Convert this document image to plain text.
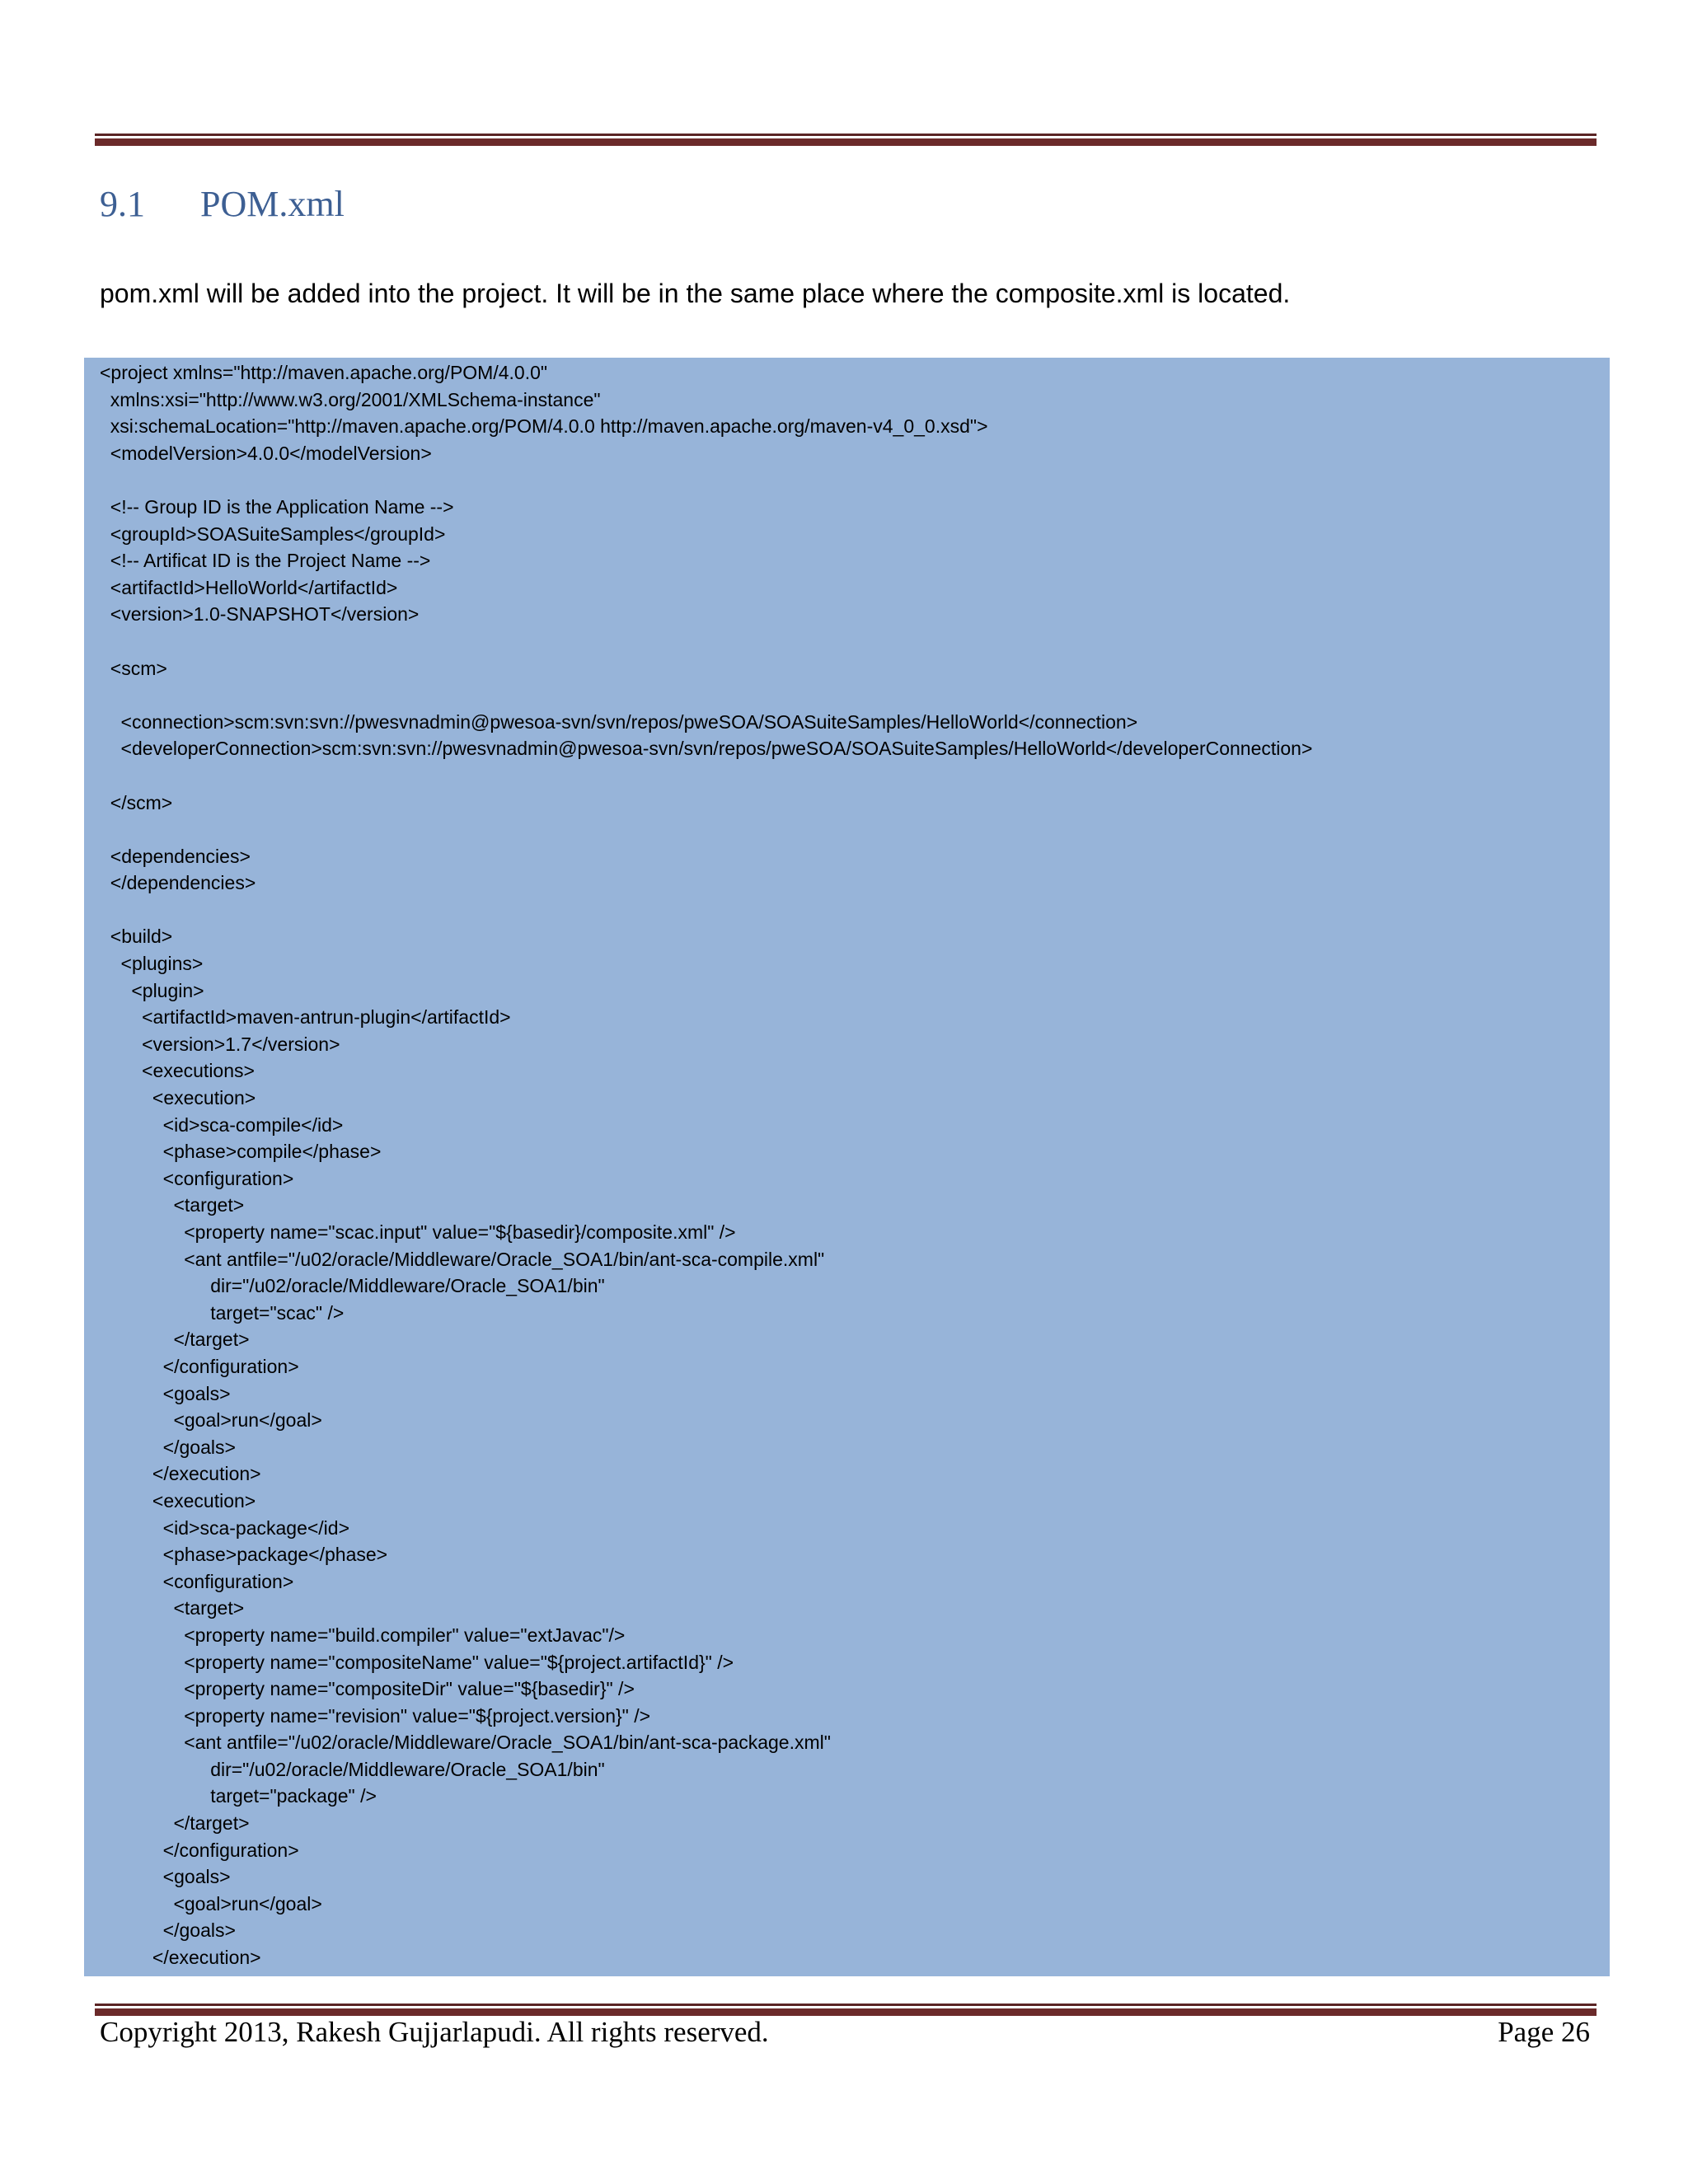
9.1 POM.xml
pom.xml will be added into the project. It will be in the same place where the composite.xml is located.
<project xmlns="http://maven.apache.org/POM/4.0.0"
xmlns:xsi="http://www.w3.org/2001/XMLSchema-instance"
xsi:schemaLocation="http://maven.apache.org/POM/4.0.0 http://maven.apache.org/maven-v4_0_0.xsd">
<modelVersion>4.0.0</modelVersion>

<!-- Group ID is the Application Name -->
<groupId>SOASuiteSamples</groupId>
<!-- Artificat ID is the Project Name -->
<artifactId>HelloWorld</artifactId>
<version>1.0-SNAPSHOT</version>

<scm>

<connection>scm:svn:svn://pwesvnadmin@pwesoa-svn/svn/repos/pweSOA/SOASuiteSamples/HelloWorld</connection>
<developerConnection>scm:svn:svn://pwesvnadmin@pwesoa-svn/svn/repos/pweSOA/SOASuiteSamples/HelloWorld</developerConnection>

</scm>

<dependencies>
</dependencies>

<build>
<plugins>
<plugin>
<artifactId>maven-antrun-plugin</artifactId>
<version>1.7</version>
<executions>
<execution>
<id>sca-compile</id>
<phase>compile</phase>
<configuration>
<target>
<property name="scac.input" value="${basedir}/composite.xml" />
<ant antfile="/u02/oracle/Middleware/Oracle_SOA1/bin/ant-sca-compile.xml"
dir="/u02/oracle/Middleware/Oracle_SOA1/bin"
target="scac" />
</target>
</configuration>
<goals>
<goal>run</goal>
</goals>
</execution>
<execution>
<id>sca-package</id>
<phase>package</phase>
<configuration>
<target>
<property name="build.compiler" value="extJavac"/>
<property name="compositeName" value="${project.artifactId}" />
<property name="compositeDir" value="${basedir}" />
<property name="revision" value="${project.version}" />
<ant antfile="/u02/oracle/Middleware/Oracle_SOA1/bin/ant-sca-package.xml"
dir="/u02/oracle/Middleware/Oracle_SOA1/bin"
target="package" />
</target>
</configuration>
<goals>
<goal>run</goal>
</goals>
</execution>
Copyright 2013, Rakesh Gujjarlapudi. All rights reserved.	Page 26
